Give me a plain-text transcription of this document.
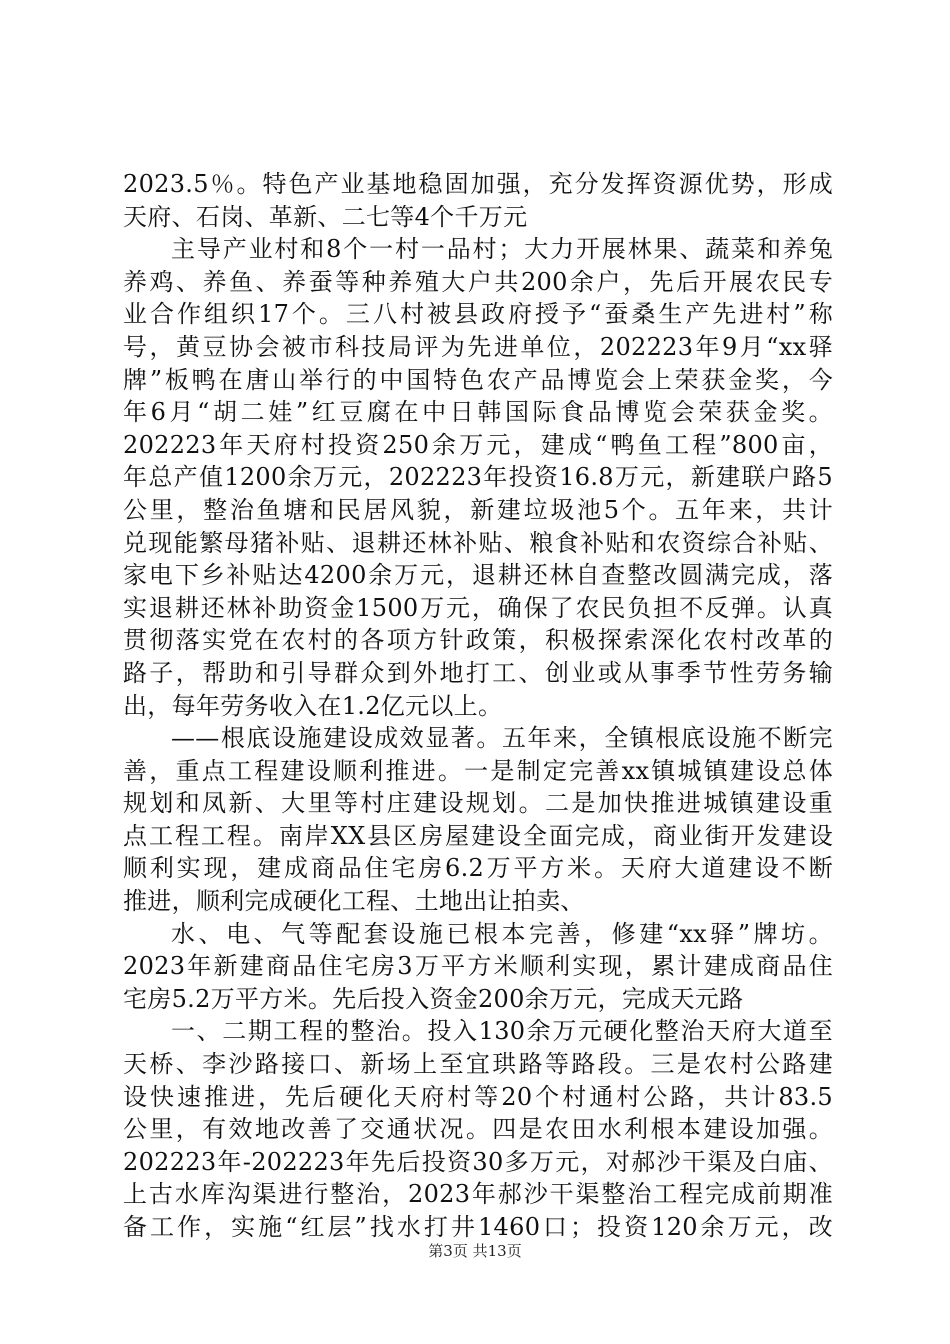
2023.5％。特色产业基地稳固加强，充分发挥资源优势，形成
天府、石岗、革新、二七等4个千万元
主导产业村和8个一村一品村；大力开展林果、蔬菜和养兔
养鸡、养鱼、养蚕等种养殖大户共200余户，先后开展农民专
业合作组织17个。三八村被县政府授予“蚕桑生产先进村”称
号，黄豆协会被市科技局评为先进单位，202223年9月“xx驿
牌”板鸭在唐山举行的中国特色农产品博览会上荣获金奖，今
年6月“胡二娃”红豆腐在中日韩国际食品博览会荣获金奖。
202223年天府村投资250余万元，建成“鸭鱼工程”800亩，
年总产值1200余万元，202223年投资16.8万元，新建联户路5
公里，整治鱼塘和民居风貌，新建垃圾池5个。五年来，共计
兑现能繁母猪补贴、退耕还林补贴、粮食补贴和农资综合补贴、
家电下乡补贴达4200余万元，退耕还林自查整改圆满完成，落
实退耕还林补助资金1500万元，确保了农民负担不反弹。认真
贯彻落实党在农村的各项方针政策，积极探索深化农村改革的
路子，帮助和引导群众到外地打工、创业或从事季节性劳务输
出，每年劳务收入在1.2亿元以上。
——根底设施建设成效显著。五年来，全镇根底设施不断完
善，重点工程建设顺利推进。一是制定完善xx镇城镇建设总体
规划和凤新、大里等村庄建设规划。二是加快推进城镇建设重
点工程工程。南岸XX县区房屋建设全面完成，商业街开发建设
顺利实现，建成商品住宅房6.2万平方米。天府大道建设不断
推进，顺利完成硬化工程、土地出让拍卖、
水、电、气等配套设施已根本完善，修建“xx驿”牌坊。
2023年新建商品住宅房3万平方米顺利实现，累计建成商品住
宅房5.2万平方米。先后投入资金200余万元，完成天元路
一、二期工程的整治。投入130余万元硬化整治天府大道至
天桥、李沙路接口、新场上至宜珙路等路段。三是农村公路建
设快速推进，先后硬化天府村等20个村通村公路，共计83.5
公里，有效地改善了交通状况。四是农田水利根本建设加强。
202223年-202223年先后投资30多万元，对郝沙干渠及白庙、
上古水库沟渠进行整治，2023年郝沙干渠整治工程完成前期准
备工作，实施“红层”找水打井1460口；投资120余万元，改
第3页 共13页
